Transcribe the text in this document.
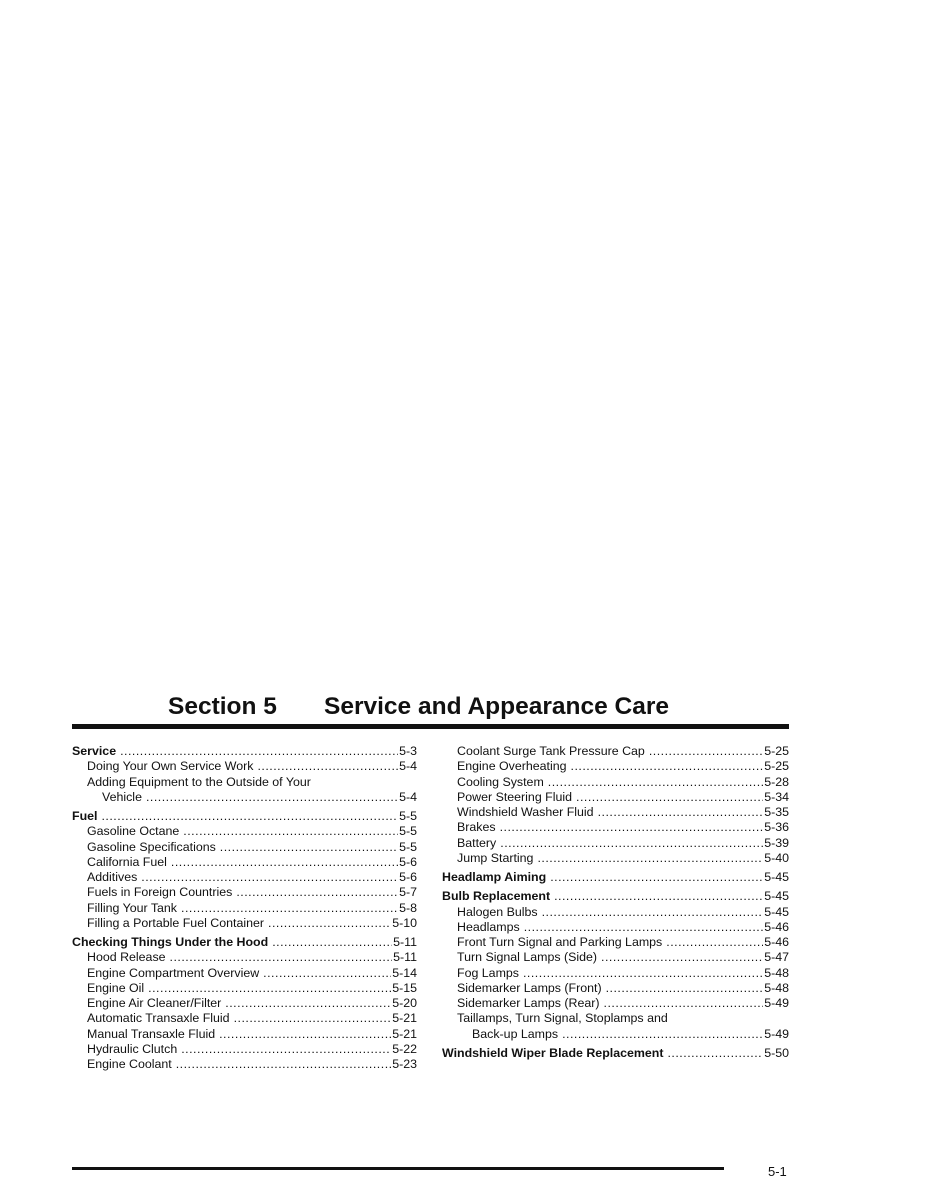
Section 5 Service and Appearance Care
Service .....	5-3
Doing Your Own Service Work .....	5-4
Adding Equipment to the Outside of Your
Vehicle .....	5-4
Fuel .....	5-5
Gasoline Octane .....	5-5
Gasoline Specifications .....	5-5
California Fuel .....	5-6
Additives .....	5-6
Fuels in Foreign Countries .....	5-7
Filling Your Tank .....	5-8
Filling a Portable Fuel Container .....	5-10
Checking Things Under the Hood .....	5-11
Hood Release .....	5-11
Engine Compartment Overview .....	5-14
Engine Oil .....	5-15
Engine Air Cleaner/Filter .....	5-20
Automatic Transaxle Fluid .....	5-21
Manual Transaxle Fluid .....	5-21
Hydraulic Clutch .....	5-22
Engine Coolant .....	5-23
Coolant Surge Tank Pressure Cap .....	5-25
Engine Overheating .....	5-25
Cooling System .....	5-28
Power Steering Fluid .....	5-34
Windshield Washer Fluid .....	5-35
Brakes .....	5-36
Battery .....	5-39
Jump Starting .....	5-40
Headlamp Aiming .....	5-45
Bulb Replacement .....	5-45
Halogen Bulbs .....	5-45
Headlamps .....	5-46
Front Turn Signal and Parking Lamps .....	5-46
Turn Signal Lamps (Side) .....	5-47
Fog Lamps .....	5-48
Sidemarker Lamps (Front) .....	5-48
Sidemarker Lamps (Rear) .....	5-49
Taillamps, Turn Signal, Stoplamps and
Back-up Lamps .....	5-49
Windshield Wiper Blade Replacement .....	5-50
5-1
